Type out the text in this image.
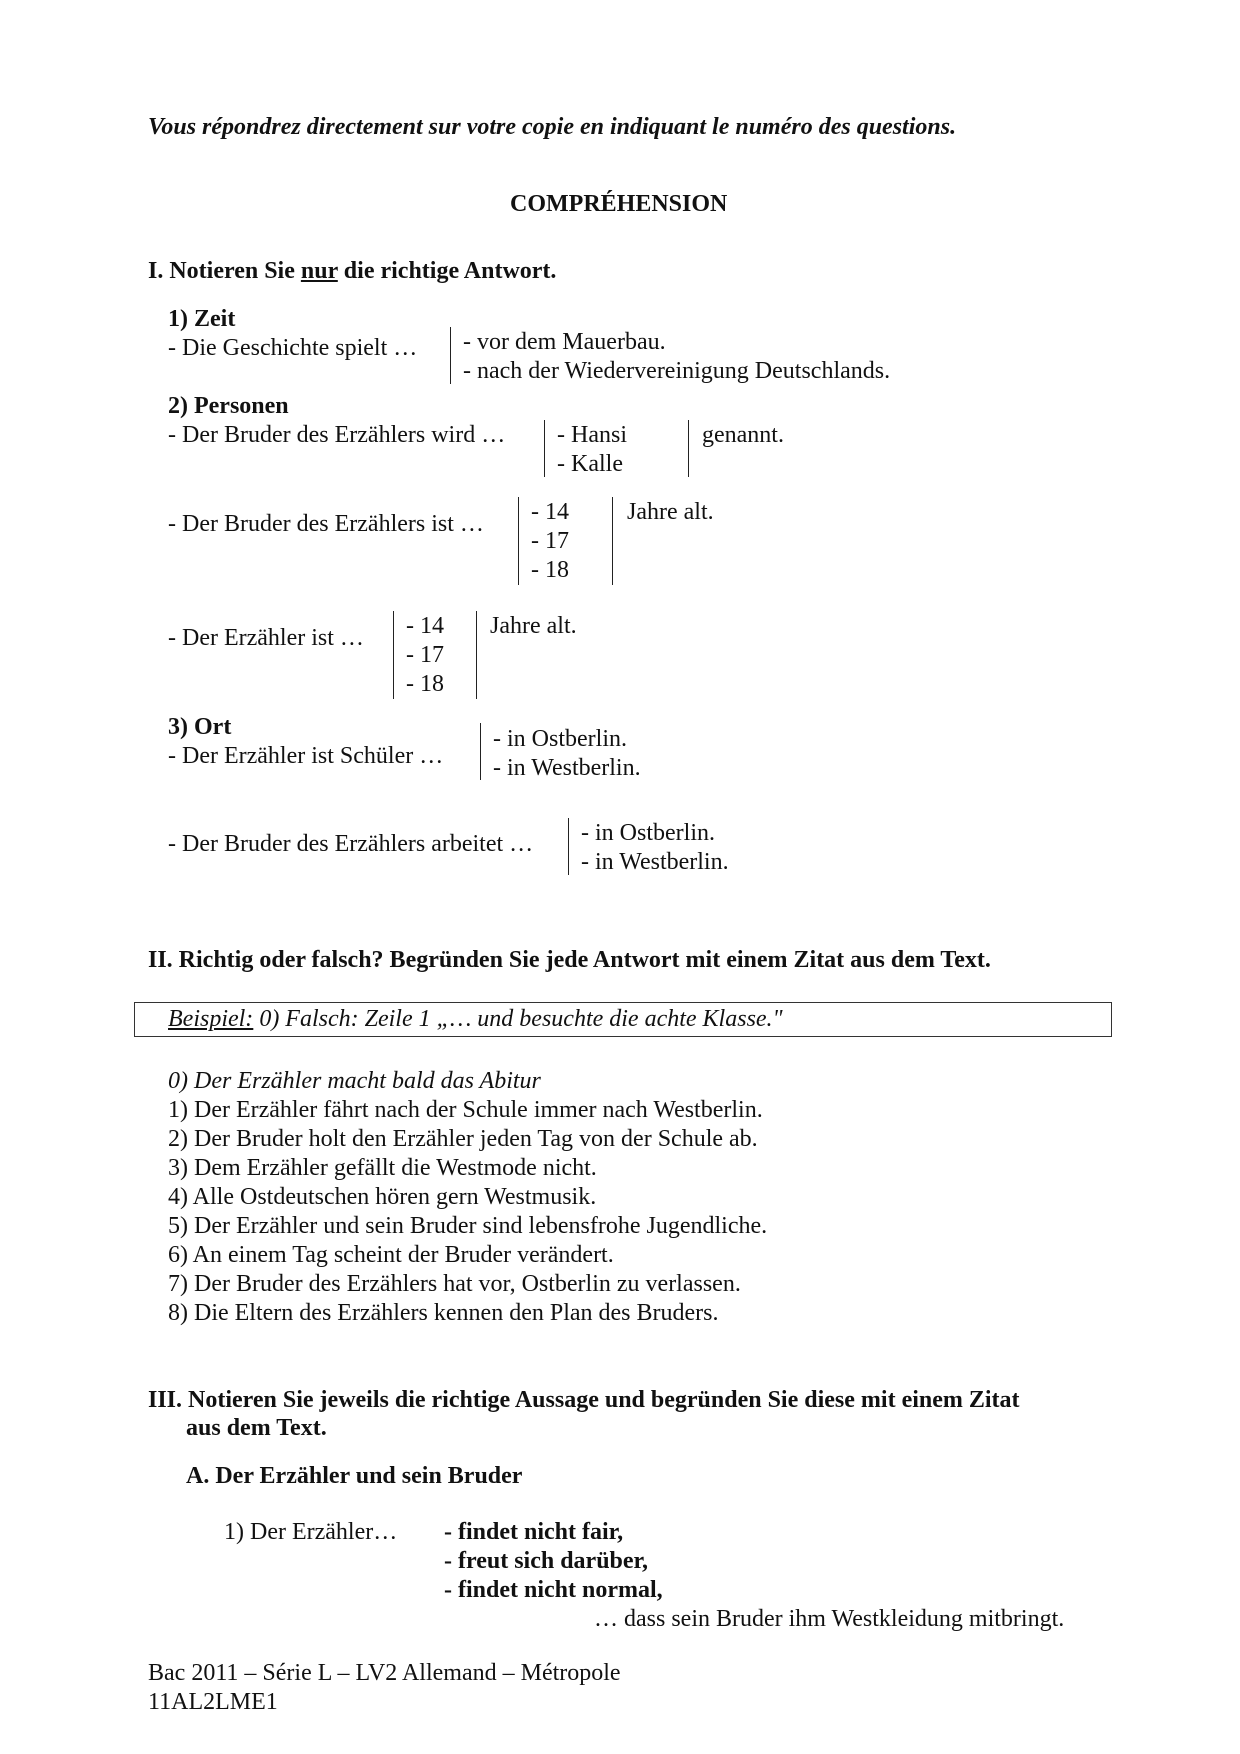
Vous répondrez directement sur votre copie en indiquant le numéro des questions.
COMPRÉHENSION
I. Notieren Sie nur die richtige Antwort.
1) Zeit
- Die Geschichte spielt … - vor dem Mauerbau.
- nach der Wiedervereinigung Deutschlands.
2) Personen
- Der Bruder des Erzählers wird … - Hansi
- Kalle
genannt.
- Der Bruder des Erzählers ist … - 14
- 17
- 18
Jahre alt.
- Der Erzähler ist … - 14
- 17
- 18
Jahre alt.
3) Ort
- Der Erzähler ist Schüler …
- in Ostberlin.
- in Westberlin.
- Der Bruder des Erzählers arbeitet … - in Ostberlin.
- in Westberlin.
II. Richtig oder falsch? Begründen Sie jede Antwort mit einem Zitat aus dem Text.
Beispiel: 0) Falsch: Zeile 1 „… und besuchte die achte Klasse."
0) Der Erzähler macht bald das Abitur
1) Der Erzähler fährt nach der Schule immer nach Westberlin.
2) Der Bruder holt den Erzähler jeden Tag von der Schule ab.
3) Dem Erzähler gefällt die Westmode nicht.
4) Alle Ostdeutschen hören gern Westmusik.
5) Der Erzähler und sein Bruder sind lebensfrohe Jugendliche.
6) An einem Tag scheint der Bruder verändert.
7) Der Bruder des Erzählers hat vor, Ostberlin zu verlassen.
8) Die Eltern des Erzählers kennen den Plan des Bruders.
III. Notieren Sie jeweils die richtige Aussage und begründen Sie diese mit einem Zitat
aus dem Text.
A. Der Erzähler und sein Bruder
1) Der Erzähler… - findet nicht fair,
- freut sich darüber,
- findet nicht normal,
… dass sein Bruder ihm Westkleidung mitbringt.
Bac 2011 – Série L – LV2 Allemand – Métropole
11AL2LME1
